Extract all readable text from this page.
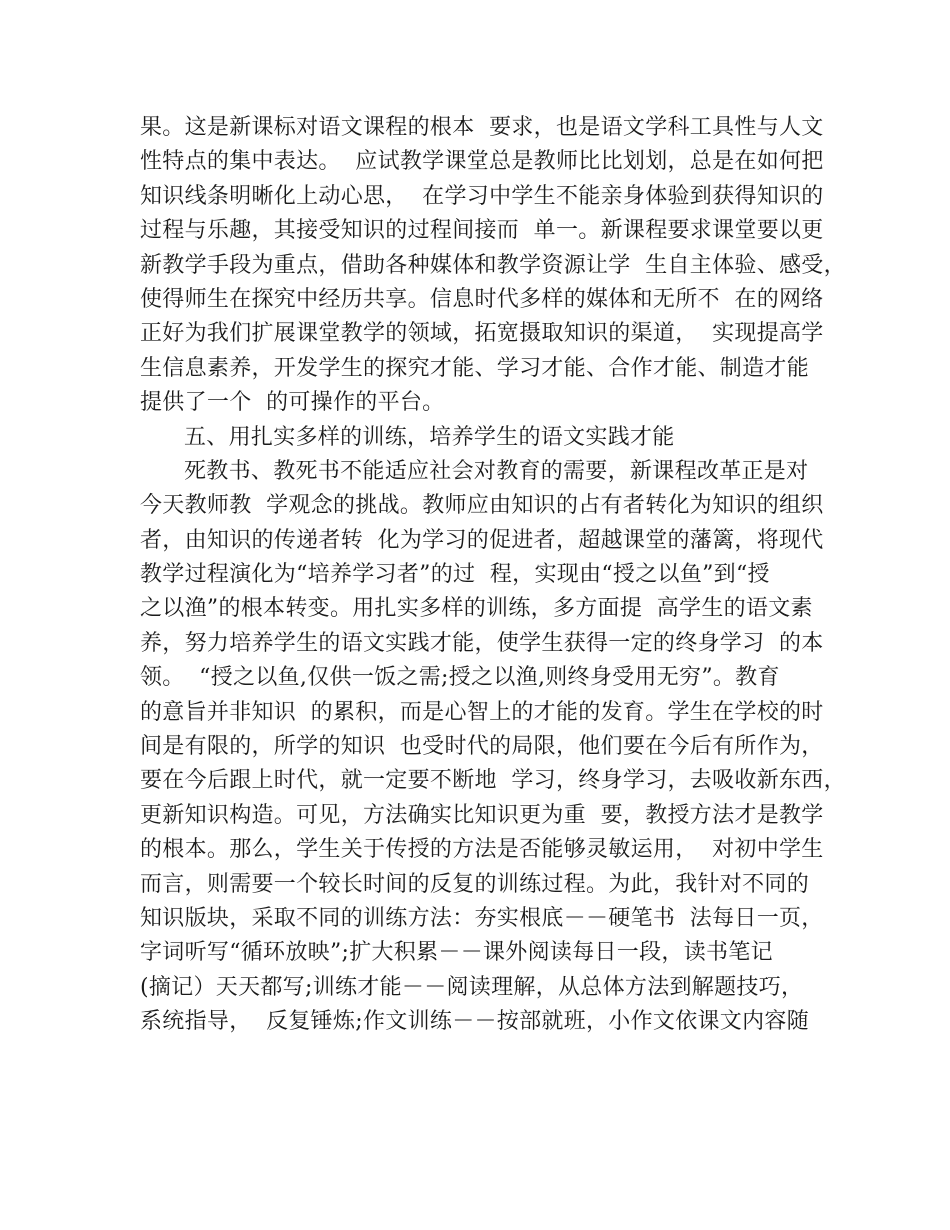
果。这是新课标对语文课程的根本  要求，也是语文学科工具性与人文
性特点的集中表达。  应试教学课堂总是教师比比划划，总是在如何把
知识线条明晰化上动心思，  在学习中学生不能亲身体验到获得知识的
过程与乐趣，其接受知识的过程间接而  单一。新课程要求课堂要以更
新教学手段为重点，借助各种媒体和教学资源让学  生自主体验、感受，
使得师生在探究中经历共享。信息时代多样的媒体和无所不  在的网络
正好为我们扩展课堂教学的领域，拓宽摄取知识的渠道，  实现提高学
生信息素养，开发学生的探究才能、学习才能、合作才能、制造才能
提供了一个  的可操作的平台。
五、用扎实多样的训练，培养学生的语文实践才能
死教书、教死书不能适应社会对教育的需要，新课程改革正是对
今天教师教  学观念的挑战。教师应由知识的占有者转化为知识的组织
者，由知识的传递者转  化为学习的促进者，超越课堂的藩篱，将现代
教学过程演化为“培养学习者”的过  程，实现由“授之以鱼”到“授
之以渔”的根本转变。用扎实多样的训练，多方面提  高学生的语文素
养，努力培养学生的语文实践才能，使学生获得一定的终身学习  的本
领。  “授之以鱼,仅供一饭之需;授之以渔,则终身受用无穷”。教育
的意旨并非知识  的累积，而是心智上的才能的发育。学生在学校的时
间是有限的，所学的知识  也受时代的局限，他们要在今后有所作为，
要在今后跟上时代，就一定要不断地  学习，终身学习，去吸收新东西，
更新知识构造。可见，方法确实比知识更为重  要，教授方法才是教学
的根本。那么，学生关于传授的方法是否能够灵敏运用，  对初中学生
而言，则需要一个较长时间的反复的训练过程。为此，我针对不同的
知识版块，采取不同的训练方法：夯实根底－－硬笔书  法每日一页，
字词听写“循环放映”;扩大积累－－课外阅读每日一段，读书笔记
(摘记）天天都写;训练才能－－阅读理解，从总体方法到解题技巧，
系统指导，  反复锤炼;作文训练－－按部就班，小作文依课文内容随
